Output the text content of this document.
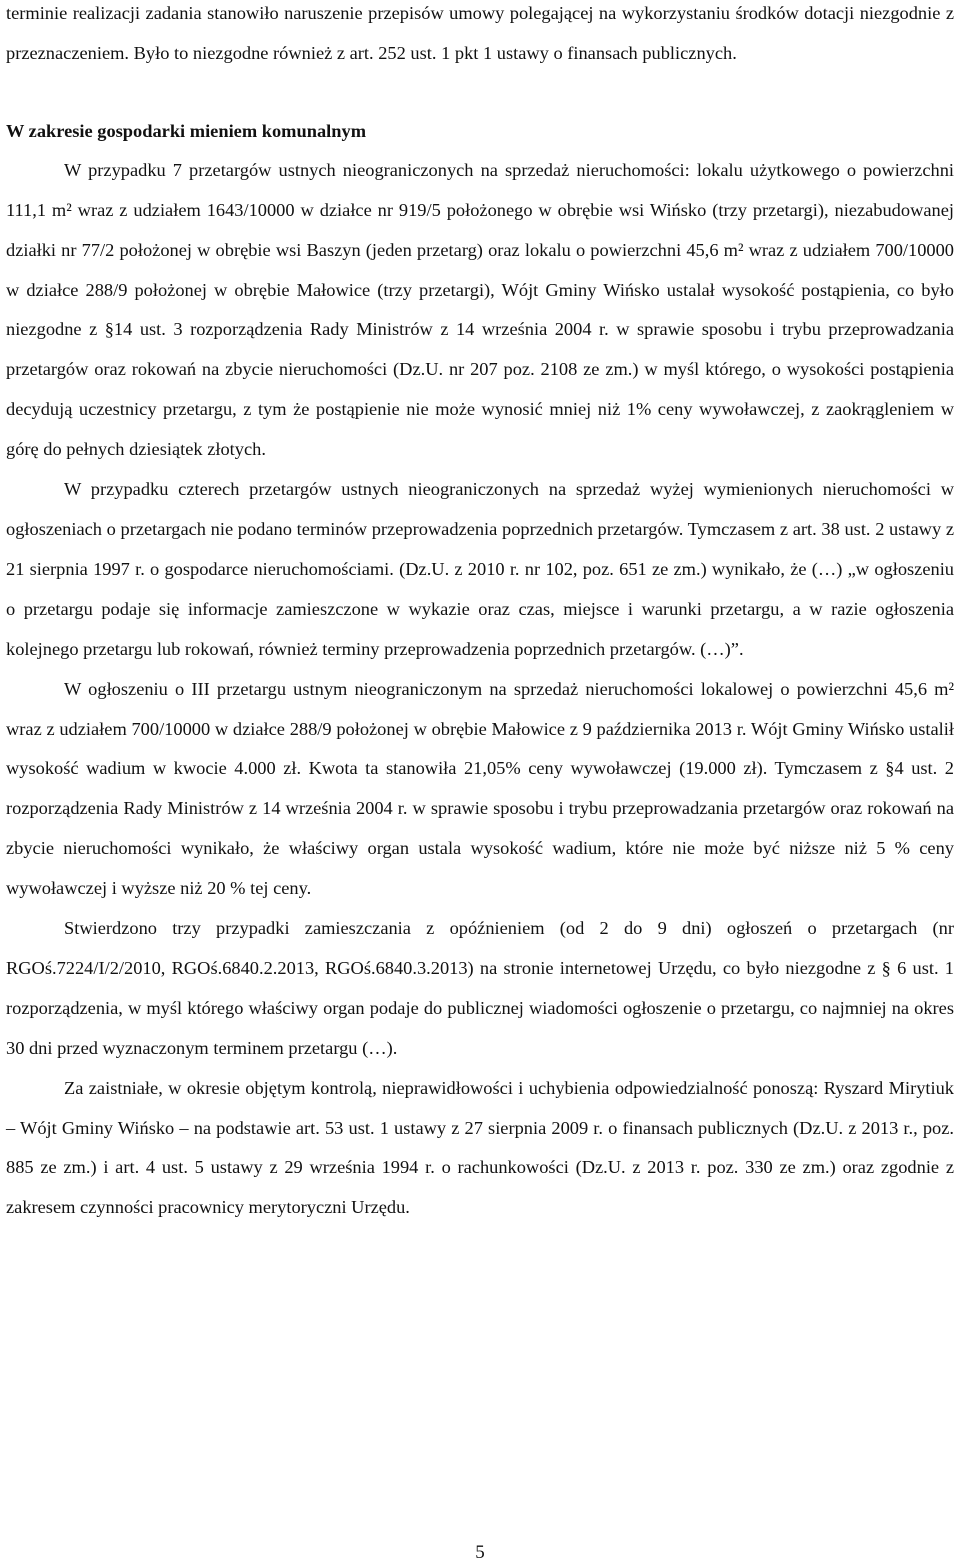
terminie realizacji zadania stanowiło naruszenie przepisów umowy polegającej na wykorzystaniu środków dotacji niezgodnie z przeznaczeniem. Było to niezgodne również z art. 252 ust. 1 pkt 1 ustawy o finansach publicznych.

W zakresie gospodarki mieniem komunalnym

W przypadku 7 przetargów ustnych nieograniczonych na sprzedaż nieruchomości: lokalu użytkowego o powierzchni 111,1 m² wraz z udziałem 1643/10000 w działce nr 919/5 położonego w obrębie wsi Wińsko (trzy przetargi), niezabudowanej działki nr 77/2 położonej w obrębie wsi Baszyn (jeden przetarg) oraz lokalu o powierzchni 45,6 m² wraz z udziałem 700/10000 w działce 288/9 położonej w obrębie Małowice (trzy przetargi), Wójt Gminy Wińsko ustalał wysokość postąpienia, co było niezgodne z §14 ust. 3 rozporządzenia Rady Ministrów z 14 września 2004 r. w sprawie sposobu i trybu przeprowadzania przetargów oraz rokowań na zbycie nieruchomości (Dz.U. nr 207 poz. 2108 ze zm.) w myśl którego, o wysokości postąpienia decydują uczestnicy przetargu, z tym że postąpienie nie może wynosić mniej niż 1% ceny wywoławczej, z zaokrągleniem w górę do pełnych dziesiątek złotych.

W przypadku czterech przetargów ustnych nieograniczonych na sprzedaż wyżej wymienionych nieruchomości w ogłoszeniach o przetargach nie podano terminów przeprowadzenia poprzednich przetargów. Tymczasem z art. 38 ust. 2 ustawy z 21 sierpnia 1997 r. o gospodarce nieruchomościami. (Dz.U. z 2010 r. nr 102, poz. 651 ze zm.) wynikało, że (…) „w ogłoszeniu o przetargu podaje się informacje zamieszczone w wykazie oraz czas, miejsce i warunki przetargu, a w razie ogłoszenia kolejnego przetargu lub rokowań, również terminy przeprowadzenia poprzednich przetargów. (…)”.

W ogłoszeniu o III przetargu ustnym nieograniczonym na sprzedaż nieruchomości lokalowej o powierzchni 45,6 m² wraz z udziałem 700/10000 w działce 288/9 położonej w obrębie Małowice z 9 października 2013 r. Wójt Gminy Wińsko ustalił wysokość wadium w kwocie 4.000 zł. Kwota ta stanowiła 21,05% ceny wywoławczej (19.000 zł). Tymczasem z §4 ust. 2 rozporządzenia Rady Ministrów z 14 września 2004 r. w sprawie sposobu i trybu przeprowadzania przetargów oraz rokowań na zbycie nieruchomości wynikało, że właściwy organ ustala wysokość wadium, które nie może być niższe niż 5 % ceny wywoławczej i wyższe niż 20 % tej ceny.

Stwierdzono trzy przypadki zamieszczania z opóźnieniem (od 2 do 9 dni) ogłoszeń o przetargach (nr RGOś.7224/I/2/2010, RGOś.6840.2.2013, RGOś.6840.3.2013) na stronie internetowej Urzędu, co było niezgodne z § 6 ust. 1 rozporządzenia, w myśl którego właściwy organ podaje do publicznej wiadomości ogłoszenie o przetargu, co najmniej na okres 30 dni przed wyznaczonym terminem przetargu (…).

Za zaistniałe, w okresie objętym kontrolą, nieprawidłowości i uchybienia odpowiedzialność ponoszą: Ryszard Mirytiuk – Wójt Gminy Wińsko – na podstawie art. 53 ust. 1 ustawy z 27 sierpnia 2009 r. o finansach publicznych (Dz.U. z 2013 r., poz. 885 ze zm.) i art. 4 ust. 5 ustawy z 29 września 1994 r. o rachunkowości (Dz.U. z 2013 r. poz. 330 ze zm.) oraz zgodnie z zakresem czynności pracownicy merytoryczni Urzędu.

5
